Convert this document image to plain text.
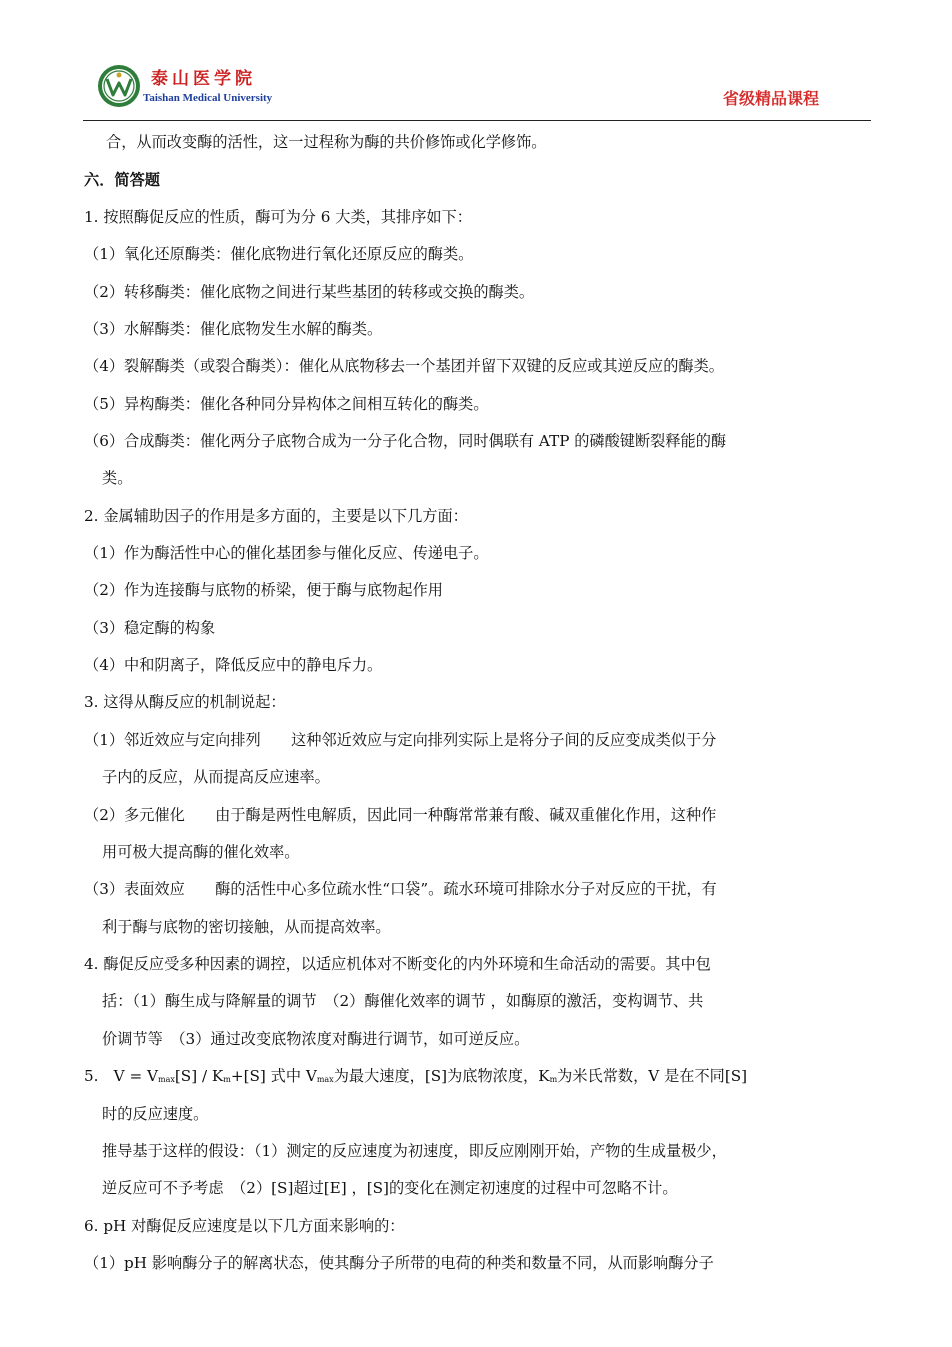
泰山医学院
Taishan Medical University	省级精品课程
合，从而改变酶的活性，这一过程称为酶的共价修饰或化学修饰。
六．简答题
1. 按照酶促反应的性质，酶可为分 6 大类，其排序如下：
（1）氧化还原酶类：催化底物进行氧化还原反应的酶类。
（2）转移酶类：催化底物之间进行某些基团的转移或交换的酶类。
（3）水解酶类：催化底物发生水解的酶类。
（4）裂解酶类（或裂合酶类）：催化从底物移去一个基团并留下双键的反应或其逆反应的酶类。
（5）异构酶类：催化各种同分异构体之间相互转化的酶类。
（6）合成酶类：催化两分子底物合成为一分子化合物，同时偶联有 ATP 的磷酸键断裂释能的酶
类。
2. 金属辅助因子的作用是多方面的，主要是以下几方面：
（1）作为酶活性中心的催化基团参与催化反应、传递电子。
（2）作为连接酶与底物的桥梁，便于酶与底物起作用
（3）稳定酶的构象
（4）中和阴离子，降低反应中的静电斥力。
3. 这得从酶反应的机制说起：
（1）邻近效应与定向排列　　这种邻近效应与定向排列实际上是将分子间的反应变成类似于分
子内的反应，从而提高反应速率。
（2）多元催化　　由于酶是两性电解质，因此同一种酶常常兼有酸、碱双重催化作用，这种作
用可极大提高酶的催化效率。
（3）表面效应　　酶的活性中心多位疏水性“口袋”。疏水环境可排除水分子对反应的干扰，有
利于酶与底物的密切接触，从而提高效率。
4. 酶促反应受多种因素的调控，以适应机体对不断变化的内外环境和生命活动的需要。其中包
括：（1）酶生成与降解量的调节　（2）酶催化效率的调节 ，如酶原的激活，变构调节、共
价调节等　（3）通过改变底物浓度对酶进行调节，如可逆反应。
5.　$V = V_{max}[S] / K_m+[S]$ 式中 $V_{max}$为最大速度，[S]为底物浓度，$K_m$为米氏常数，V 是在不同[S]
时的反应速度。
推导基于这样的假设：（1）测定的反应速度为初速度，即反应刚刚开始，产物的生成量极少，
逆反应可不予考虑　（2）[S]超过[E] ，[S]的变化在测定初速度的过程中可忽略不计。
6. pH 对酶促反应速度是以下几方面来影响的：
（1）pH 影响酶分子的解离状态，使其酶分子所带的电荷的种类和数量不同，从而影响酶分子
